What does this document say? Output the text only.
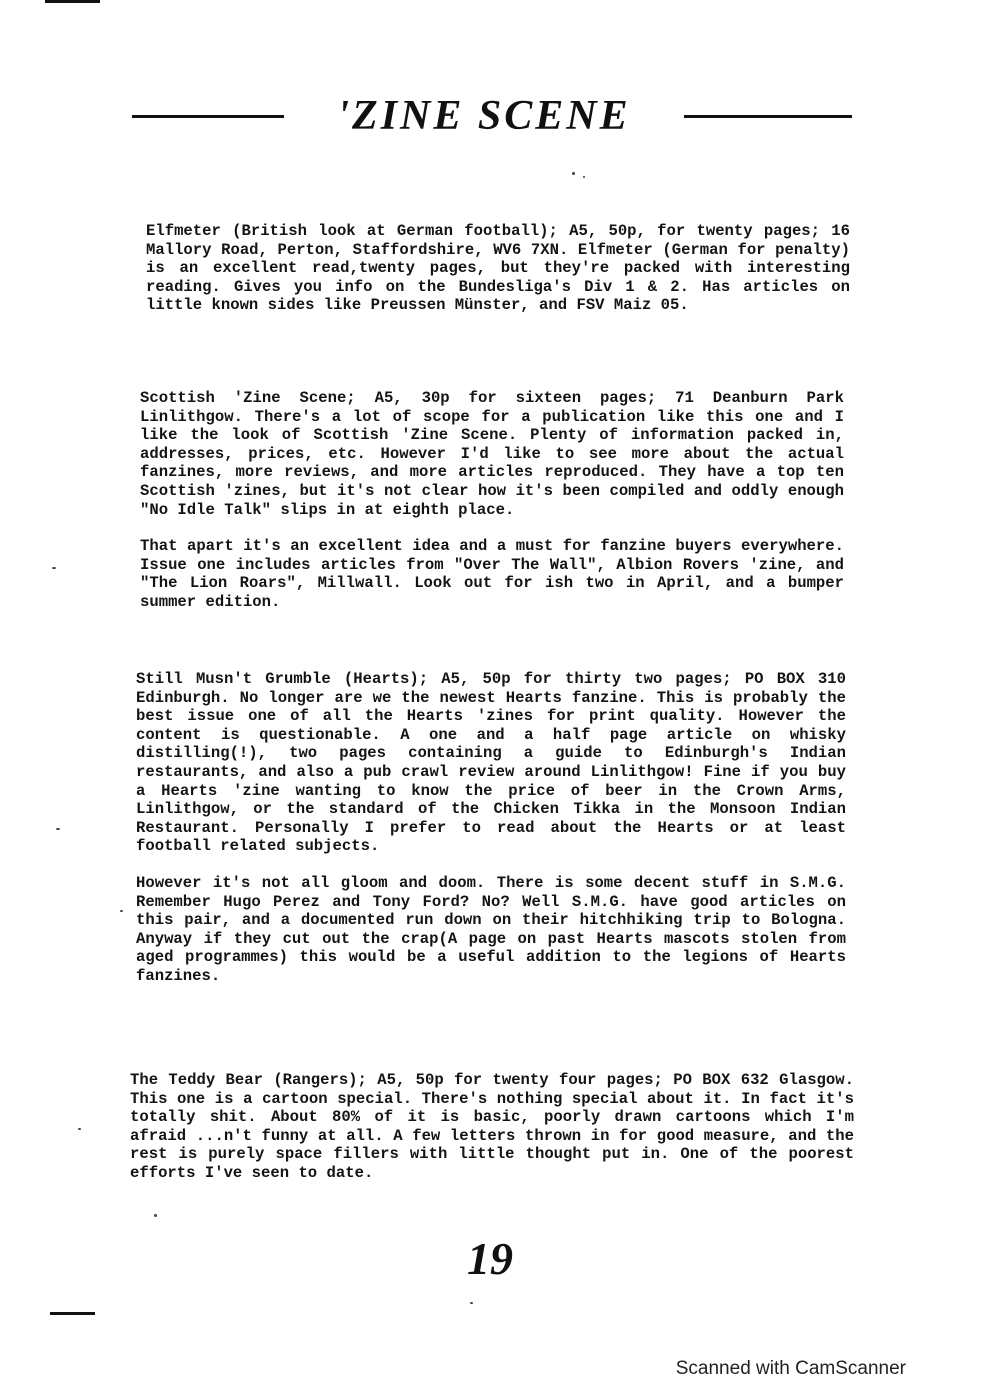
'ZINE SCENE

Elfmeter (British look at German football); A5, 50p, for twenty pages; 16 Mallory Road, Perton, Staffordshire, WV6 7XN. Elfmeter (German for penalty) is an excellent read,twenty pages, but they're packed with interesting reading. Gives you info on the Bundesliga's Div 1 & 2. Has articles on little known sides like Preussen Münster, and FSV Maiz 05.

Scottish 'Zine Scene; A5, 30p for sixteen pages; 71 Deanburn Park Linlithgow. There's a lot of scope for a publication like this one and I like the look of Scottish 'Zine Scene. Plenty of information packed in, addresses, prices, etc. However I'd like to see more about the actual fanzines, more reviews, and more articles reproduced. They have a top ten Scottish 'zines, but it's not clear how it's been compiled and oddly enough "No Idle Talk" slips in at eighth place.

That apart it's an excellent idea and a must for fanzine buyers everywhere. Issue one includes articles from "Over The Wall", Albion Rovers 'zine, and "The Lion Roars", Millwall. Look out for ish two in April, and a bumper summer edition.

Still Musn't Grumble (Hearts); A5, 50p for thirty two pages; PO BOX 310 Edinburgh. No longer are we the newest Hearts fanzine. This is probably the best issue one of all the Hearts 'zines for print quality. However the content is questionable. A one and a half page article on whisky distilling(!), two pages containing a guide to Edinburgh's Indian restaurants, and also a pub crawl review around Linlithgow! Fine if you buy a Hearts 'zine wanting to know the price of beer in the Crown Arms, Linlithgow, or the standard of the Chicken Tikka in the Monsoon Indian Restaurant. Personally I prefer to read about the Hearts or at least football related subjects.

However it's not all gloom and doom. There is some decent stuff in S.M.G. Remember Hugo Perez and Tony Ford? No? Well S.M.G. have good articles on this pair, and a documented run down on their hitchhiking trip to Bologna. Anyway if they cut out the crap(A page on past Hearts mascots stolen from aged programmes) this would be a useful addition to the legions of Hearts fanzines.

The Teddy Bear (Rangers); A5, 50p for twenty four pages; PO BOX 632 Glasgow. This one is a cartoon special. There's nothing special about it. In fact it's totally shit. About 80% of it is basic, poorly drawn cartoons which I'm afraid ...n't funny at all. A few letters thrown in for good measure, and the rest is purely space fillers with little thought put in. One of the poorest efforts I've seen to date.

19
Scanned with CamScanner
